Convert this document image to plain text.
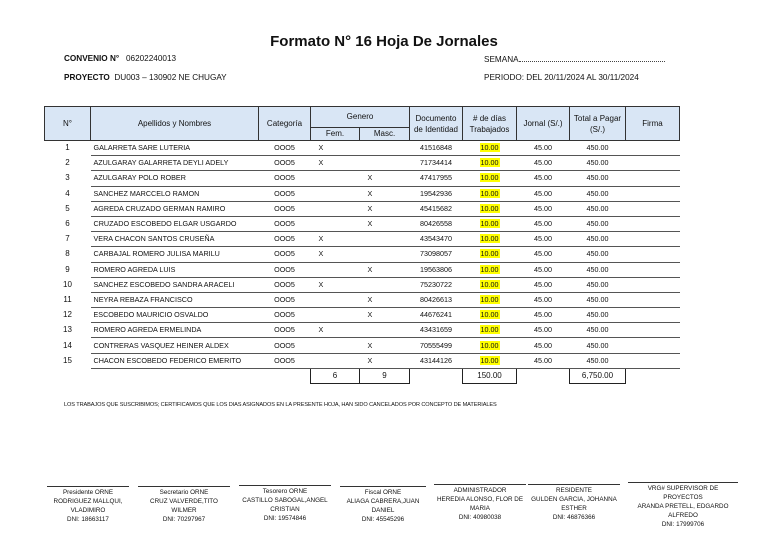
Formato N° 16 Hoja De Jornales
CONVENIO N° 06202240013
PROYECTO DU003 – 130902 NE CHUGAY
SEMANA
PERIODO: DEL 20/11/2024 AL 30/11/2024
N°	Apellidos y Nombres	Categoría	Genero		Documento de Identidad	# de días Trabajados	Jornal (S/.)	Total a Pagar (S/.)	Firma
			Fem.	Masc.					
1	GALARRETA SARE LUTERIA	OOO5	X		41516848	10.00	45.00	450.00	
2	AZULGARAY GALARRETA DEYLI ADELY	OOO5	X		71734414	10.00	45.00	450.00	
3	AZULGARAY POLO ROBER	OOO5		X	47417955	10.00	45.00	450.00	
4	SANCHEZ MARCCELO RAMON	OOO5		X	19542936	10.00	45.00	450.00	
5	AGREDA CRUZADO GERMAN RAMIRO	OOO5		X	45415682	10.00	45.00	450.00	
6	CRUZADO ESCOBEDO ELGAR USGARDO	OOO5		X	80426558	10.00	45.00	450.00	
7	VERA CHACON SANTOS CRUSEÑA	OOO5	X		43543470	10.00	45.00	450.00	
8	CARBAJAL ROMERO JULISA MARILU	OOO5	X		73098057	10.00	45.00	450.00	
9	ROMERO AGREDA LUIS	OOO5		X	19563806	10.00	45.00	450.00	
10	SANCHEZ ESCOBEDO SANDRA ARACELI	OOO5	X		75230722	10.00	45.00	450.00	
11	NEYRA REBAZA FRANCISCO	OOO5		X	80426613	10.00	45.00	450.00	
12	ESCOBEDO MAURICIO OSVALDO	OOO5		X	44676241	10.00	45.00	450.00	
13	ROMERO AGREDA ERMELINDA	OOO5	X		43431659	10.00	45.00	450.00	
14	CONTRERAS VASQUEZ HEINER ALDEX	OOO5		X	70555499	10.00	45.00	450.00	
15	CHACON ESCOBEDO FEDERICO EMERITO	OOO5		X	43144126	10.00	45.00	450.00	
			6	9		150.00		6,750.00	
LOS TRABAJOS QUE SUSCRIBIMOS; CERTIFICAMOS QUE LOS DIAS ASIGNADOS EN LA PRESENTE HOJA, HAN SIDO CANCELADOS POR CONCEPTO DE MATERIALES
Presidente ORNE
RODRIGUEZ MALLQUI,
VLADIMIRO
DNI: 18663117
Secretario ORNE
CRUZ VALVERDE,TITO
WILMER
DNI: 70297967
Tesorero ORNE
CASTILLO SABOGAL,ANGEL
CRISTIAN
DNI: 19574846
Fiscal ORNE
ALIAGA CABRERA,JUAN
DANIEL
DNI: 45545296
ADMINISTRADOR
HEREDIA ALONSO, FLOR DE
MARIA
DNI: 40980038
RESIDENTE
GULDEN GARCIA, JOHANNA
ESTHER
DNI: 46876366
VRG# SUPERVISOR DE PROYECTOS
ARANDA PRETELL, EDGARDO
ALFREDO
DNI: 17999706
